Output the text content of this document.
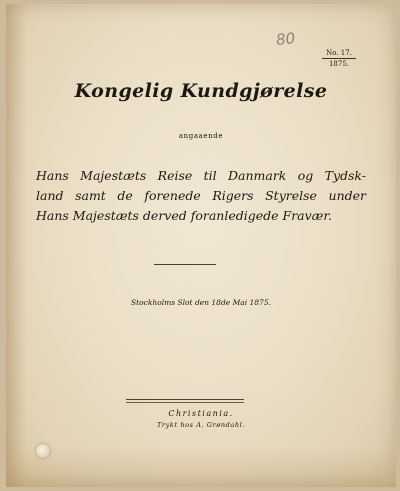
80
No. 17.
1875.
Kongelig Kundgjørelse
angaaende
Hans Majestæts Reise til Danmark og Tydsk-
land samt de forenede Rigers Styrelse under
Hans Majestæts derved foranledigede Fravær.
Stockholms Slot den 18de Mai 1875.
Christiania.
Trykt hos A. Grøndahl.
